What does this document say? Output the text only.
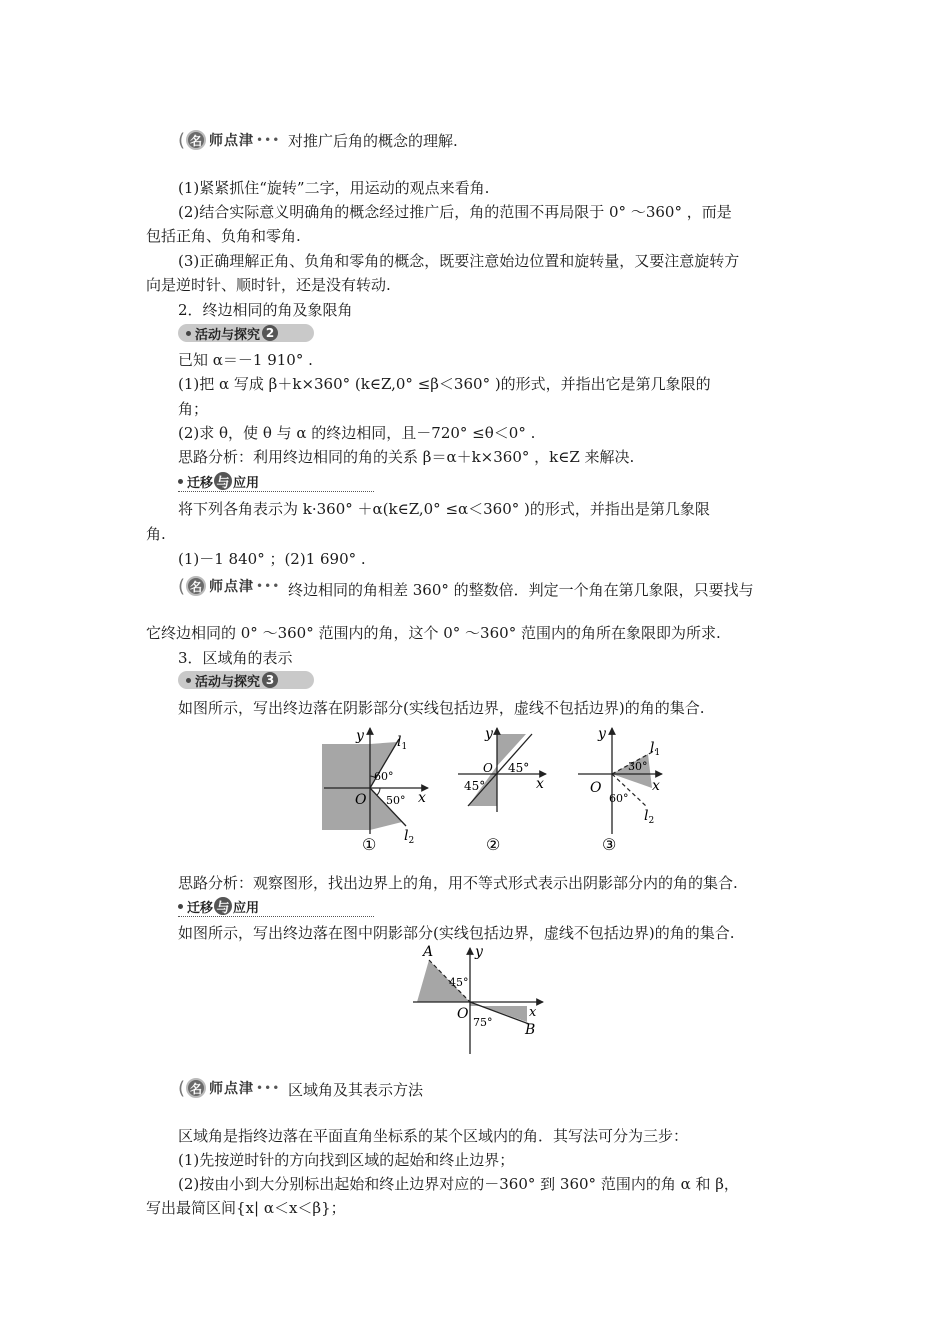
( 名 师点津 ••• 对推广后角的概念的理解.
(1)紧紧抓住“旋转”二字，用运动的观点来看角.
(2)结合实际意义明确角的概念经过推广后，角的范围不再局限于 0° ～360° ，而是
包括正角、负角和零角.
(3)正确理解正角、负角和零角的概念，既要注意始边位置和旋转量，又要注意旋转方
向是逆时针、顺时针，还是没有转动.
2．终边相同的角及象限角
活动与探究 2
已知 α＝－1 910° .
(1)把 α 写成 β＋k×360° (k∈Z,0° ≤β＜360° )的形式，并指出它是第几象限的
角；
(2)求 θ，使 θ 与 α 的终边相同，且－720° ≤θ＜0° .
思路分析：利用终边相同的角的关系 β＝α＋k×360° ，k∈Z 来解决.
迁移 与 应用
将下列各角表示为 k·360° ＋α(k∈Z,0° ≤α＜360° )的形式，并指出是第几象限
角.
(1)－1 840° ；(2)1 690° .
( 名 师点津 ••• 终边相同的角相差 360° 的整数倍．判定一个角在第几象限，只要找与
它终边相同的 0° ～360° 范围内的角，这个 0° ～360° 范围内的角所在象限即为所求.
3．区域角的表示
活动与探究 3
如图所示，写出终边落在阴影部分(实线包括边界，虚线不包括边界)的角的集合.
y $l_1$
60°
O 50° x
$l_2$
①
y
45°
O
45°	x
②
y
$l_1$
30°
O
60°
x
$l_2$
③
思路分析：观察图形，找出边界上的角，用不等式形式表示出阴影部分内的角的集合.
迁移 与 应用
如图所示，写出终边落在图中阴影部分(实线包括边界，虚线不包括边界)的角的集合.
A	y
45°
O
75°
x
B
( 名 师点津 ••• 区域角及其表示方法
区域角是指终边落在平面直角坐标系的某个区域内的角．其写法可分为三步：
(1)先按逆时针的方向找到区域的起始和终止边界；
(2)按由小到大分别标出起始和终止边界对应的－360° 到 360° 范围内的角 α 和 β，
写出最简区间{x| α＜x＜β}；
